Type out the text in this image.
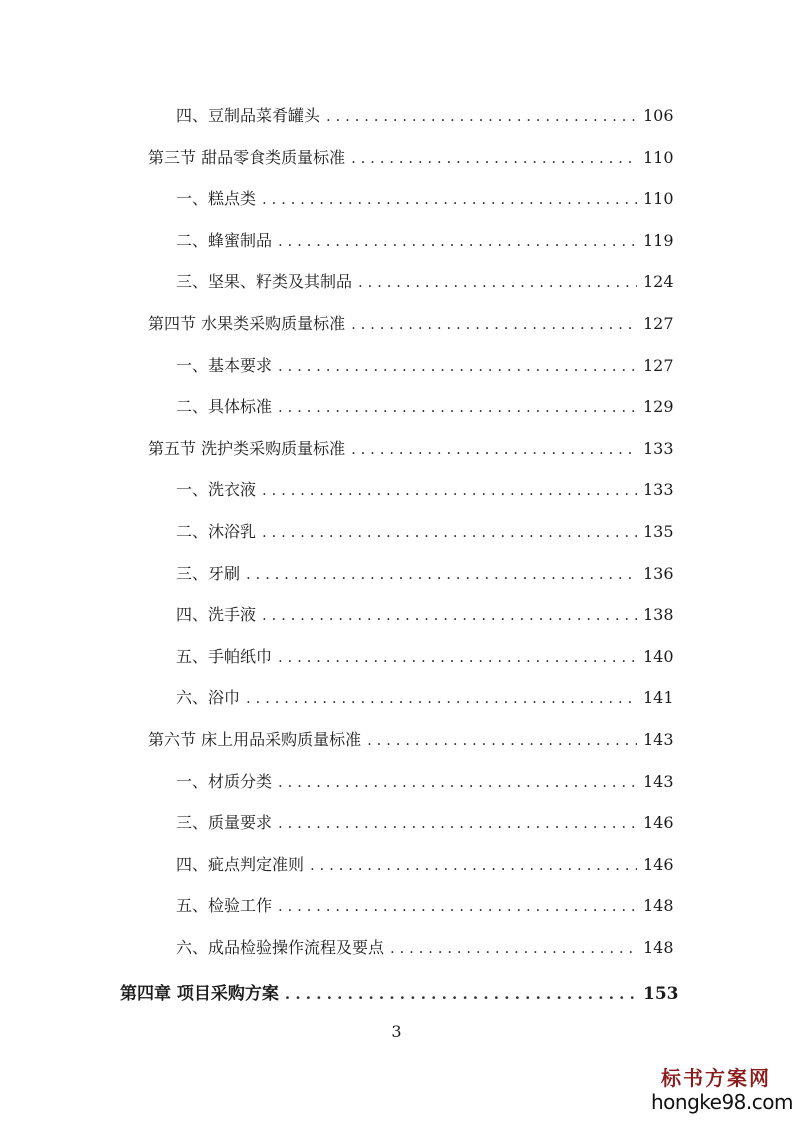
四、豆制品菜肴罐头 . . .	106
第三节 甜品零食类质量标准 . . .	110
一、糕点类 . . .	110
二、蜂蜜制品 . . .	119
三、坚果、籽类及其制品 . . .	124
第四节 水果类采购质量标准 . . .	127
一、基本要求 . . .	127
二、具体标准 . . .	129
第五节 洗护类采购质量标准 . . .	133
一、洗衣液 . . .	133
二、沐浴乳 . . .	135
三、牙刷 . . .	136
四、洗手液 . . .	138
五、手帕纸巾 . . .	140
六、浴巾 . . .	141
第六节 床上用品采购质量标准 . . .	143
一、材质分类 . . .	143
三、质量要求 . . .	146
四、疵点判定准则 . . .	146
五、检验工作 . . .	148
六、成品检验操作流程及要点 . . .	148
第四章 项目采购方案 . . .	153
3
标书方案网
hongke98.com
